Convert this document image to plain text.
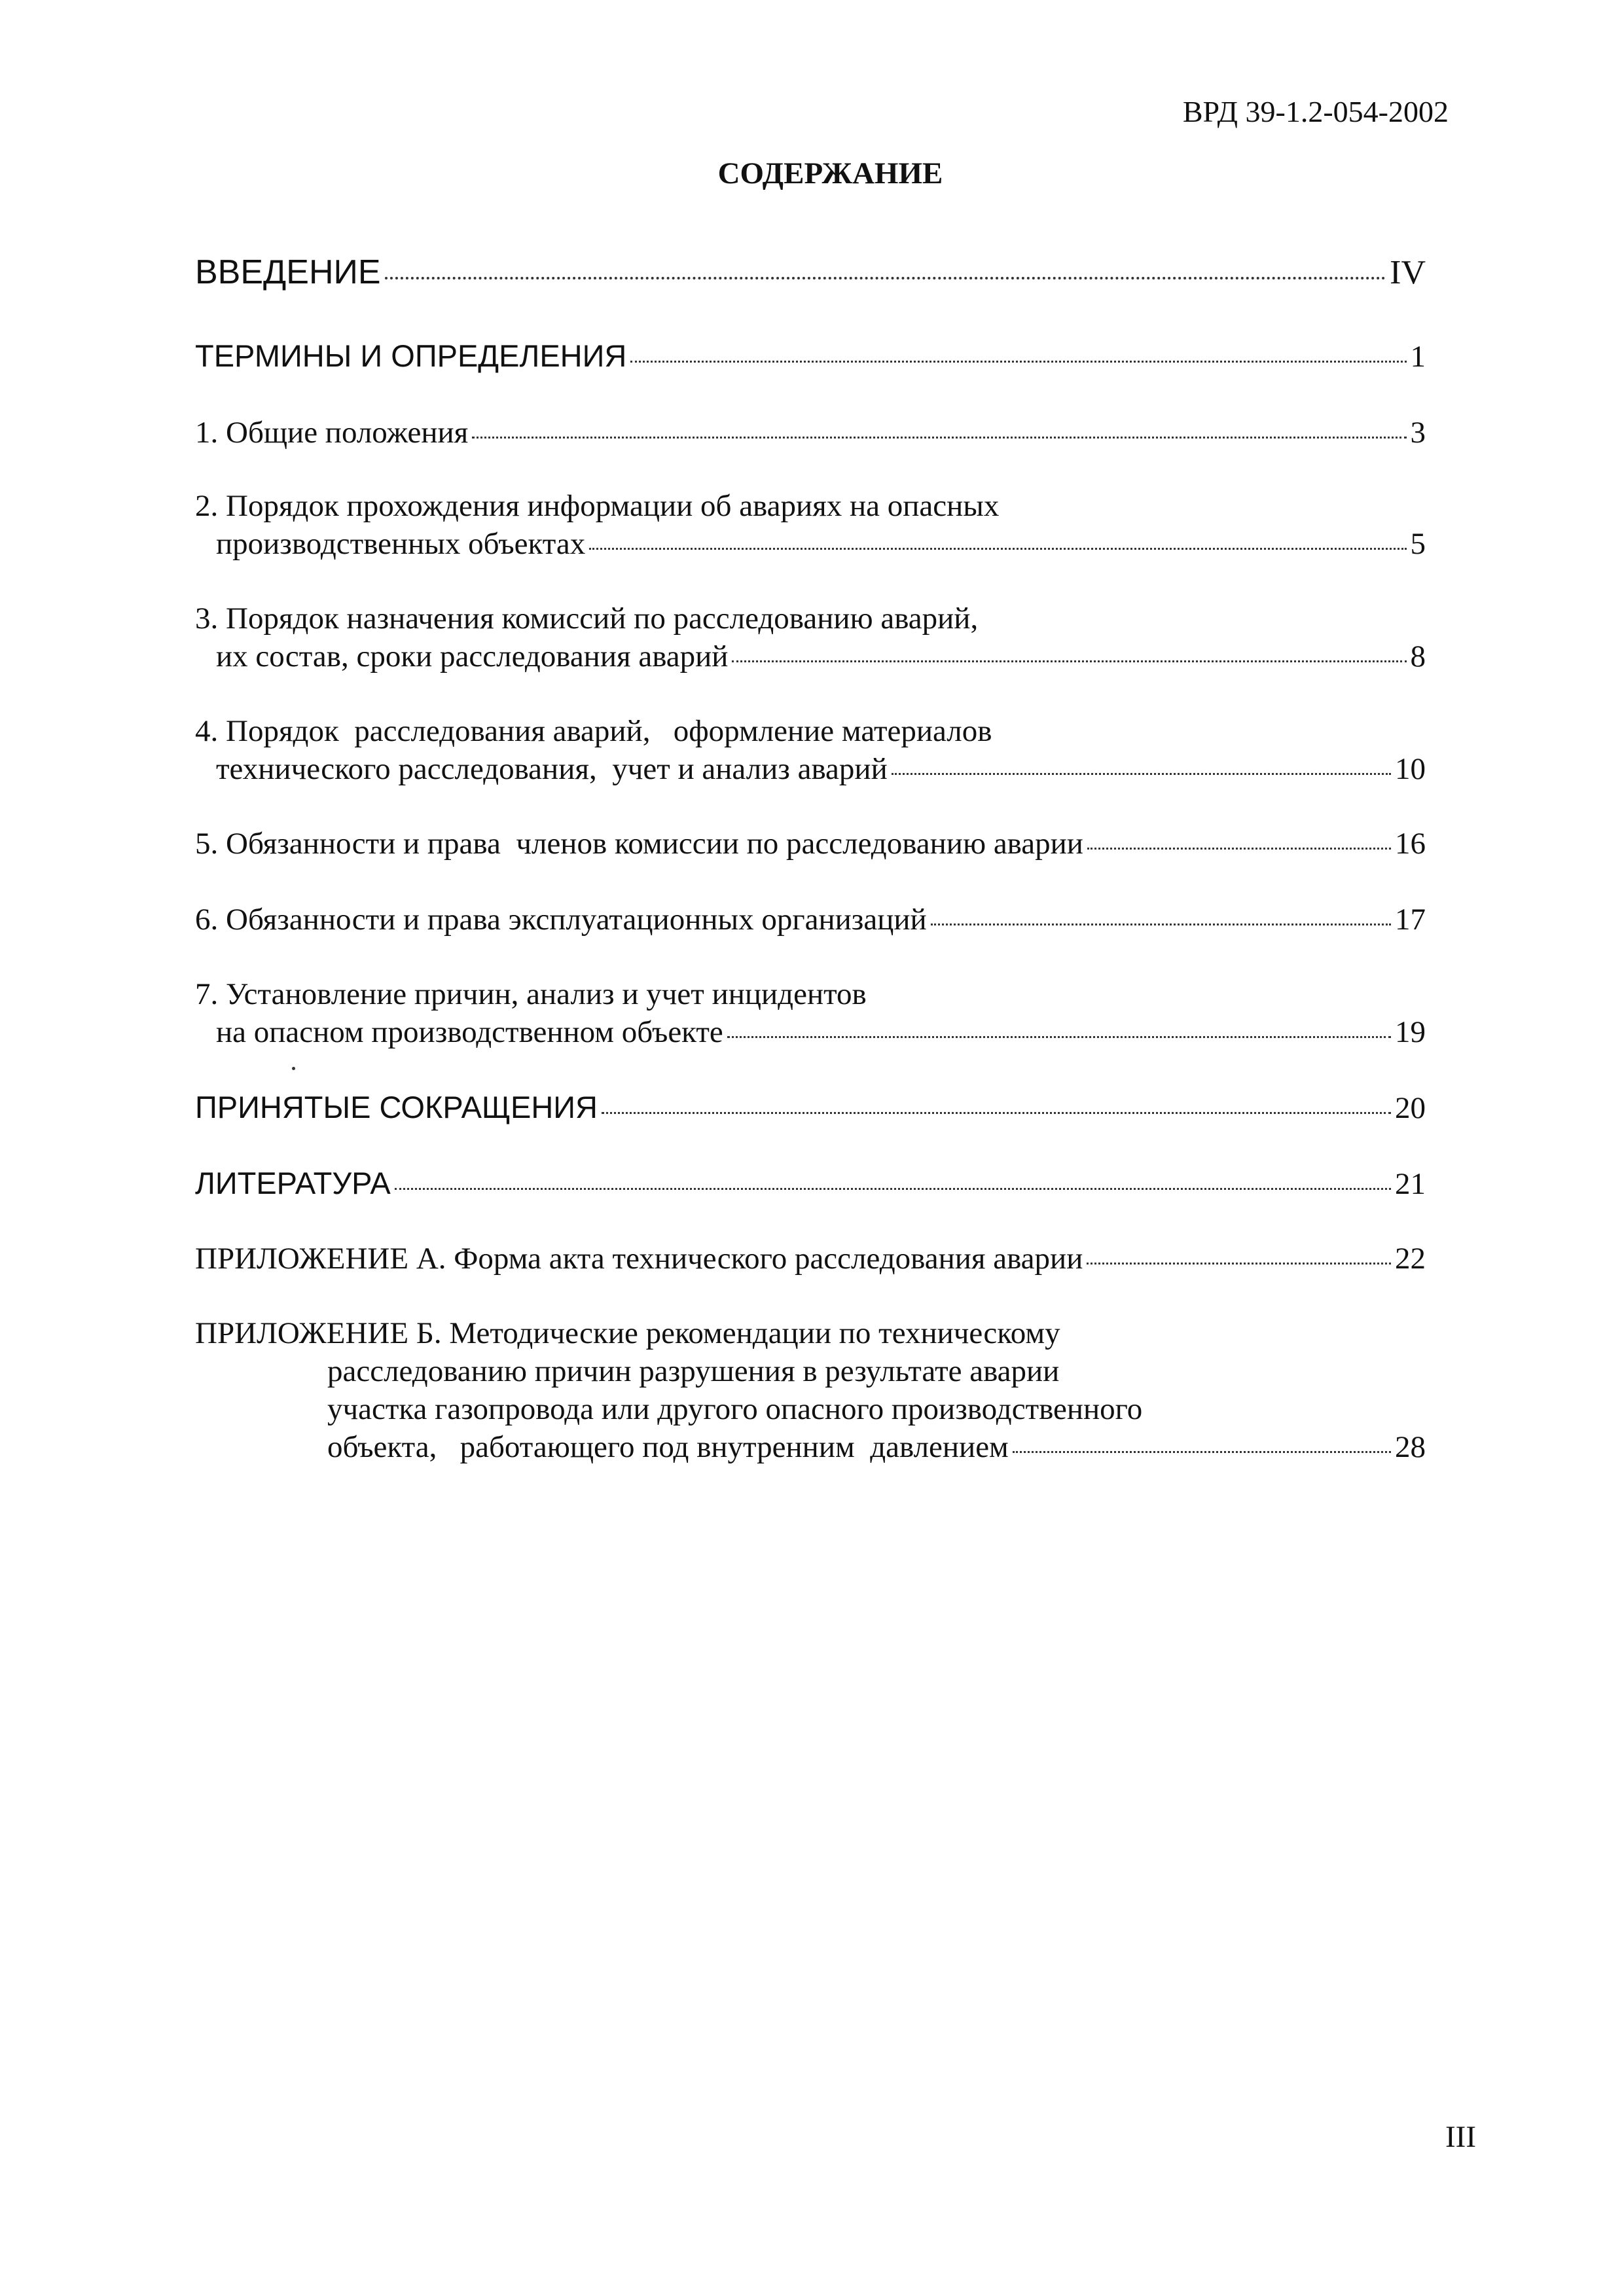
ВРД 39-1.2-054-2002
СОДЕРЖАНИЕ
ВВЕДЕНИЕ	IV
ТЕРМИНЫ И ОПРЕДЕЛЕНИЯ	1
1. Общие положения	3
2. Порядок прохождения информации об авариях на опасных
производственных объектах	5
3. Порядок назначения комиссий по расследованию аварий,
их состав, сроки расследования аварий	8
4. Порядок  расследования аварий,   оформление материалов
технического расследования,  учет и анализ аварий	10
5. Обязанности и права  членов комиссии по расследованию аварии	16
6. Обязанности и права эксплуатационных организаций	17
7. Установление причин, анализ и учет инцидентов
на опасном производственном объекте	19
ПРИНЯТЫЕ СОКРАЩЕНИЯ	20
ЛИТЕРАТУРА	21
ПРИЛОЖЕНИЕ А. Форма акта технического расследования аварии	22
ПРИЛОЖЕНИЕ Б. Методические рекомендации по техническому
расследованию причин разрушения в результате аварии
участка газопровода или другого опасного производственного
объекта,   работающего под внутренним  давлением	28
III
